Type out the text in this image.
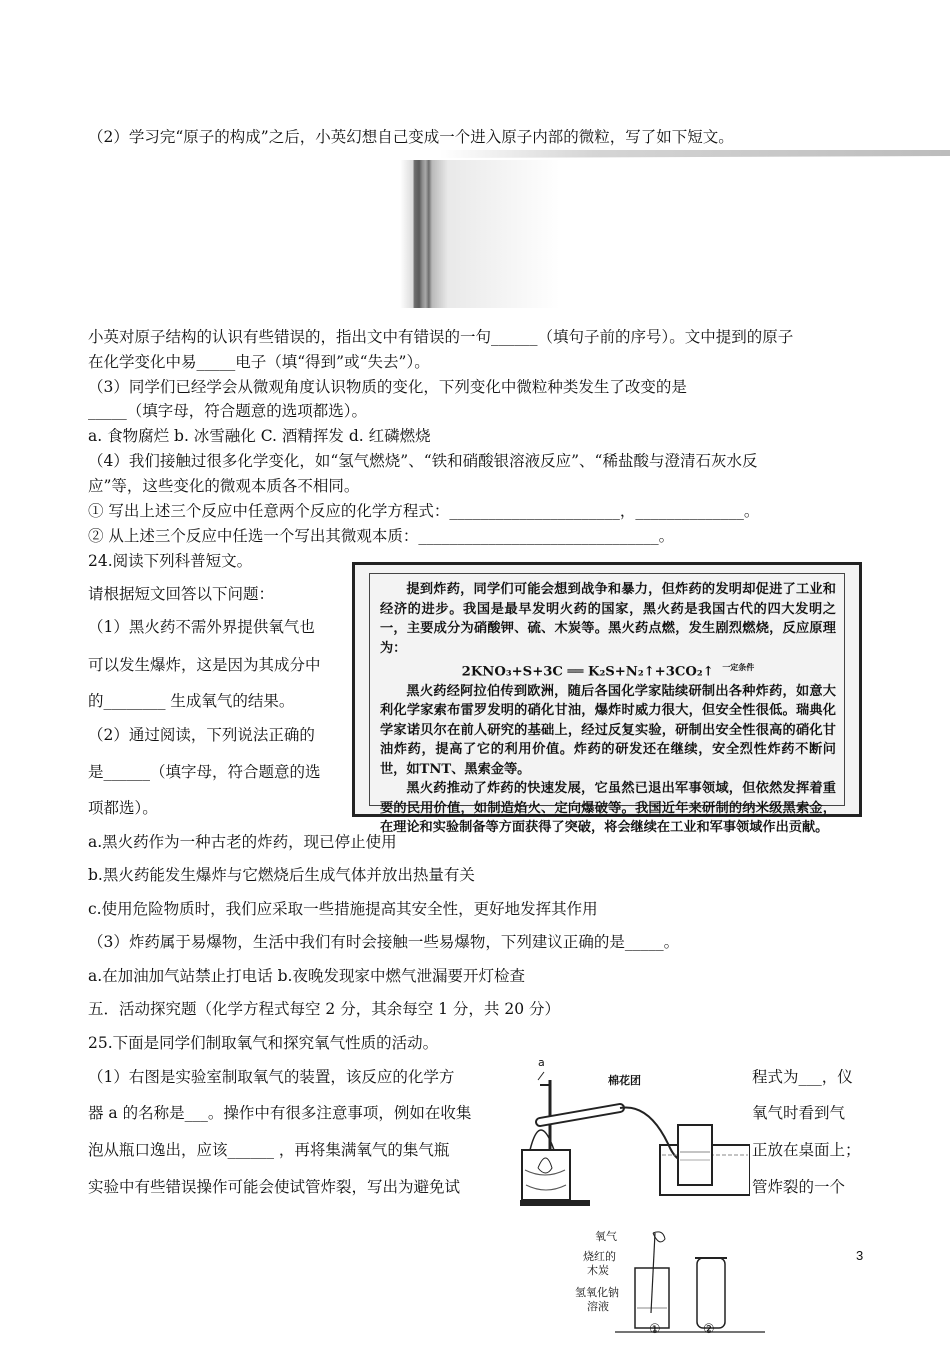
（2）学习完“原子的构成”之后，小英幻想自己变成一个进入原子内部的微粒，写了如下短文。
小英对原子结构的认识有些错误的，指出文中有错误的一句______（填句子前的序号）。文中提到的原子
在化学变化中易_____电子（填“得到”或“失去”）。
（3）同学们已经学会从微观角度认识物质的变化，下列变化中微粒种类发生了改变的是
_____（填字母，符合题意的选项都选）。
a. 食物腐烂 b. 冰雪融化 C. 酒精挥发 d. 红磷燃烧
（4）我们接触过很多化学变化，如“氢气燃烧”、“铁和硝酸银溶液反应”、“稀盐酸与澄清石灰水反
应”等，这些变化的微观本质各不相同。
① 写出上述三个反应中任意两个反应的化学方程式：______________________，______________。
② 从上述三个反应中任选一个写出其微观本质：_______________________________。
24.阅读下列科普短文。
请根据短文回答以下问题：
（1）黑火药不需外界提供氧气也
可以发生爆炸，这是因为其成分中
的________ 生成氧气的结果。
（2）通过阅读，下列说法正确的
是______（填字母，符合题意的选
项都选）。
a.黑火药作为一种古老的炸药，现已停止使用
b.黑火药能发生爆炸与它燃烧后生成气体并放出热量有关
c.使用危险物质时，我们应采取一些措施提高其安全性，更好地发挥其作用
（3）炸药属于易爆物，生活中我们有时会接触一些易爆物，下列建议正确的是_____。
a.在加油加气站禁止打电话 b.夜晚发现家中燃气泄漏要开灯检查
五．活动探究题（化学方程式每空 2 分，其余每空 1 分，共 20 分）
25.下面是同学们制取氧气和探究氧气性质的活动。
（1）右图是实验室制取氧气的装置，该反应的化学方
器 a 的名称是___。操作中有很多注意事项，例如在收集
泡从瓶口逸出，应该______ ，再将集满氧气的集气瓶
实验中有些错误操作可能会使试管炸裂，写出为避免试
程式为___，仪
氧气时看到气
正放在桌面上；
管炸裂的一个
提到炸药，同学们可能会想到战争和暴力，但炸药的发明却促进了工业和经济的进步。我国是最早发明火药的国家，黑火药是我国古代的四大发明之一，主要成分为硝酸钾、硫、木炭等。黑火药点燃，发生剧烈燃烧，反应原理为：
2KNO₃+S+3C ══ K₂S+N₂↑+3CO₂↑ $^{一定条件}$
黑火药经阿拉伯传到欧洲，随后各国化学家陆续研制出各种炸药，如意大利化学家索布雷罗发明的硝化甘油，爆炸时威力很大，但安全性很低。瑞典化学家诺贝尔在前人研究的基础上，经过反复实验，研制出安全性很高的硝化甘油炸药，提高了它的利用价值。炸药的研发还在继续，安全烈性炸药不断问世，如TNT、黑索金等。
黑火药推动了炸药的快速发展，它虽然已退出军事领域，但依然发挥着重要的民用价值，如制造焰火、定向爆破等。我国近年来研制的纳米级黑索金，在理论和实验制备等方面获得了突破，将会继续在工业和军事领域作出贡献。
a
棉花团
氧气
烧红的
木炭
氢氧化钠
溶液
①	②
3
